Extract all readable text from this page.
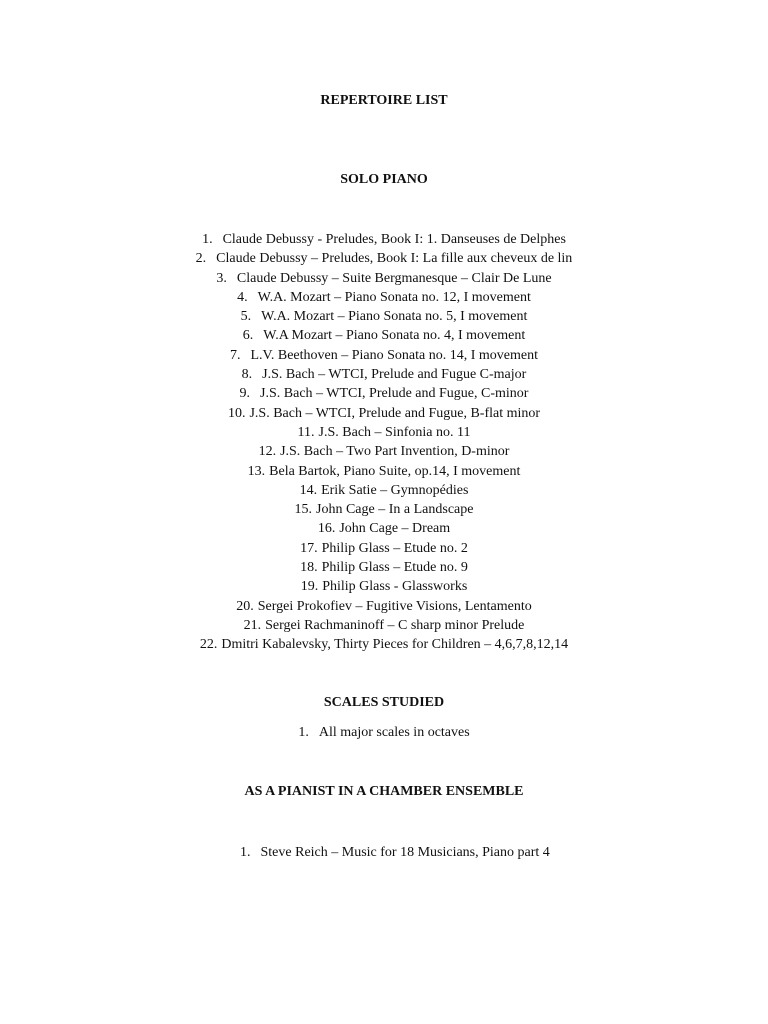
REPERTOIRE LIST
SOLO PIANO
1. Claude Debussy - Preludes, Book I: 1. Danseuses de Delphes
2. Claude Debussy – Preludes, Book I: La fille aux cheveux de lin
3. Claude Debussy – Suite Bergmanesque – Clair De Lune
4. W.A. Mozart – Piano Sonata no. 12, I movement
5. W.A. Mozart – Piano Sonata no. 5, I movement
6. W.A Mozart – Piano Sonata no. 4, I movement
7. L.V. Beethoven – Piano Sonata no. 14, I movement
8. J.S. Bach – WTCI, Prelude and Fugue C-major
9. J.S. Bach – WTCI, Prelude and Fugue, C-minor
10. J.S. Bach – WTCI, Prelude and Fugue, B-flat minor
11. J.S. Bach – Sinfonia no. 11
12. J.S. Bach – Two Part Invention, D-minor
13. Bela Bartok, Piano Suite, op.14, I movement
14. Erik Satie – Gymnopédies
15. John Cage – In a Landscape
16. John Cage – Dream
17. Philip Glass – Etude no. 2
18. Philip Glass – Etude no. 9
19. Philip Glass - Glassworks
20. Sergei Prokofiev – Fugitive Visions, Lentamento
21. Sergei Rachmaninoff – C sharp minor Prelude
22. Dmitri Kabalevsky, Thirty Pieces for Children – 4,6,7,8,12,14
SCALES STUDIED
1. All major scales in octaves
AS A PIANIST IN A CHAMBER ENSEMBLE
1. Steve Reich – Music for 18 Musicians, Piano part 4
